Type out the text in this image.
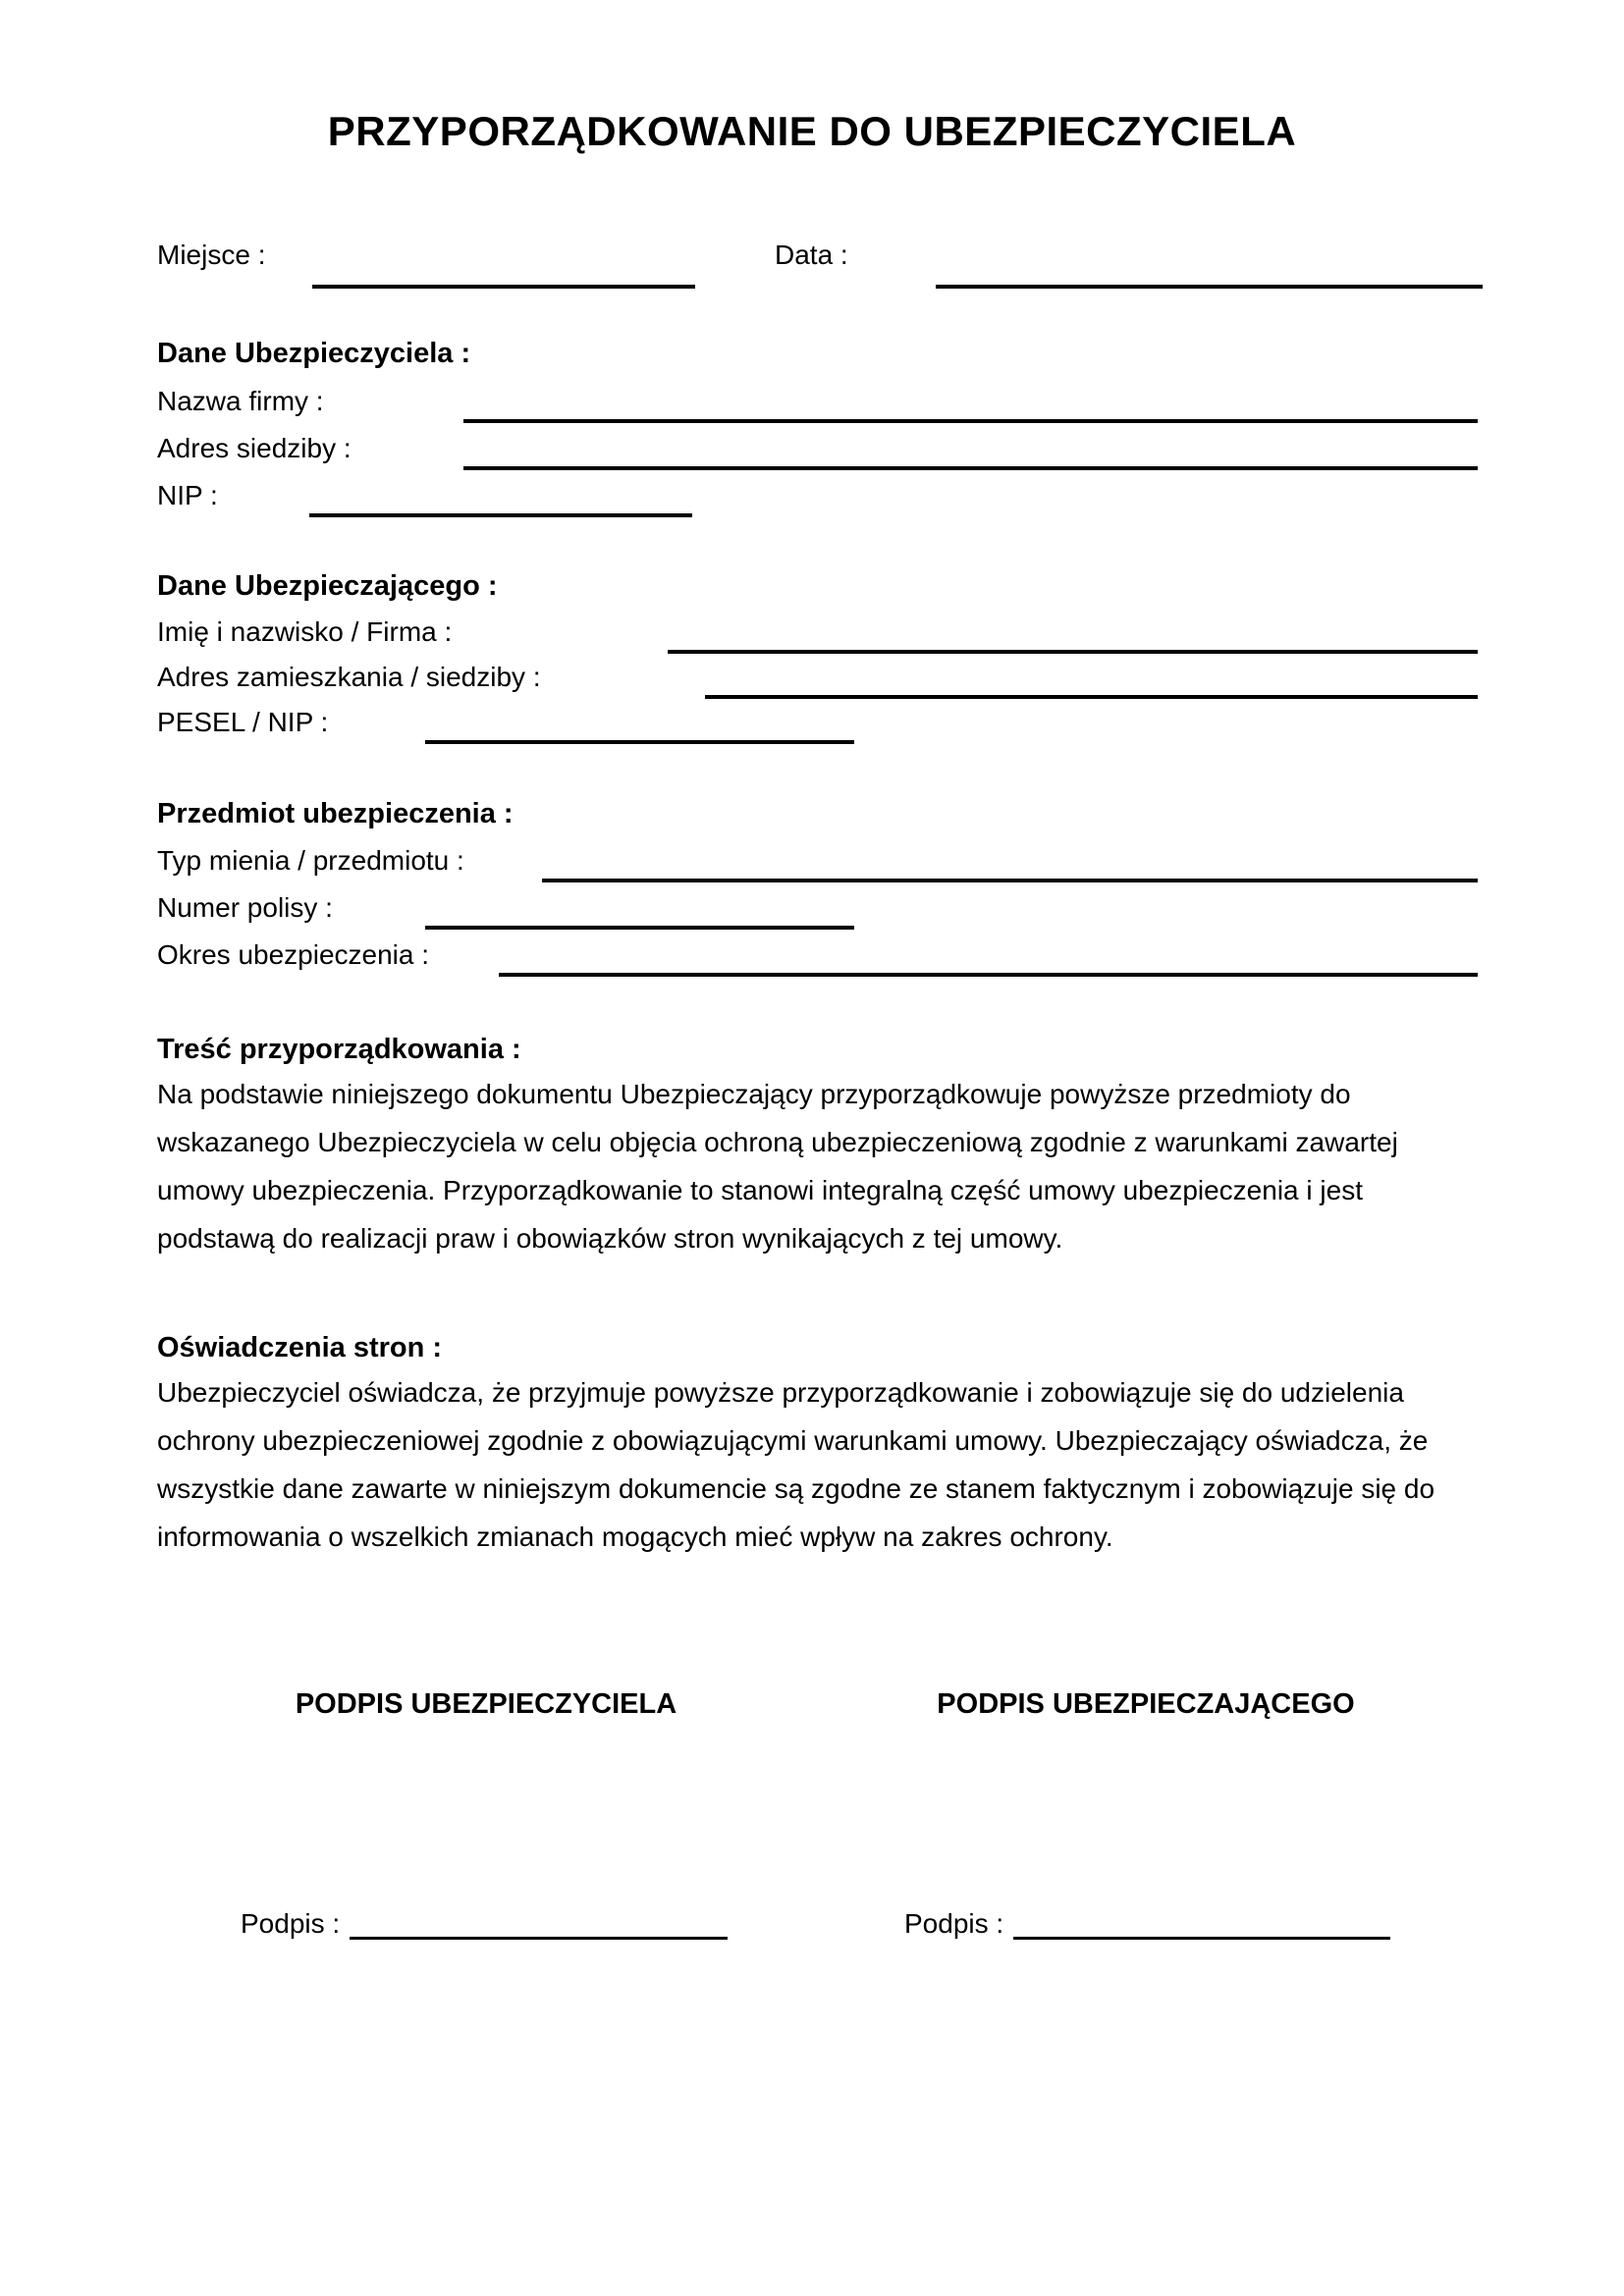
PRZYPORZĄDKOWANIE DO UBEZPIECZYCIELA
Miejsce :	Data :
Dane Ubezpieczyciela :
Nazwa firmy :
Adres siedziby :
NIP :
Dane Ubezpieczającego :
Imię i nazwisko / Firma :
Adres zamieszkania / siedziby :
PESEL / NIP :
Przedmiot ubezpieczenia :
Typ mienia / przedmiotu :
Numer polisy :
Okres ubezpieczenia :
Treść przyporządkowania :
Na podstawie niniejszego dokumentu Ubezpieczający przyporządkowuje powyższe przedmioty do wskazanego Ubezpieczyciela w celu objęcia ochroną ubezpieczeniową zgodnie z warunkami zawartej umowy ubezpieczenia. Przyporządkowanie to stanowi integralną część umowy ubezpieczenia i jest podstawą do realizacji praw i obowiązków stron wynikających z tej umowy.
Oświadczenia stron :
Ubezpieczyciel oświadcza, że przyjmuje powyższe przyporządkowanie i zobowiązuje się do udzielenia ochrony ubezpieczeniowej zgodnie z obowiązującymi warunkami umowy. Ubezpieczający oświadcza, że wszystkie dane zawarte w niniejszym dokumencie są zgodne ze stanem faktycznym i zobowiązuje się do informowania o wszelkich zmianach mogących mieć wpływ na zakres ochrony.
PODPIS UBEZPIECZYCIELA	PODPIS UBEZPIECZAJĄCEGO
Podpis :	Podpis :
